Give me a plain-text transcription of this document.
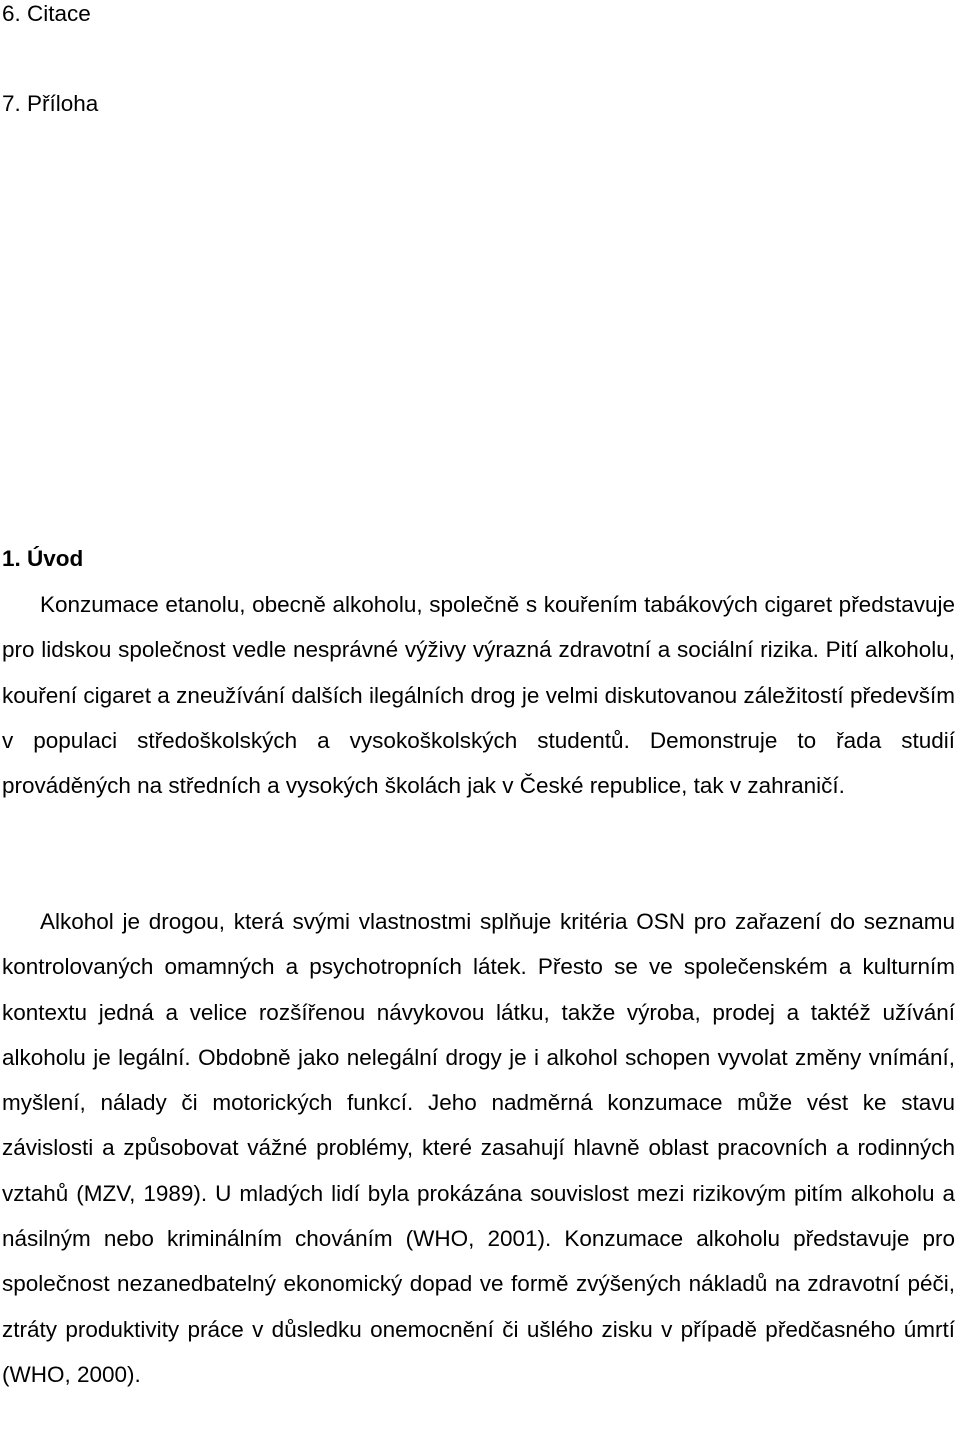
6. Citace

7. Příloha

1. Úvod

Konzumace etanolu, obecně alkoholu, společně s kouřením tabákových cigaret představuje pro lidskou společnost vedle nesprávné výživy výrazná zdravotní a sociální rizika. Pití alkoholu, kouření cigaret a zneužívání dalších ilegálních drog je velmi diskutovanou záležitostí především v populaci středoškolských a vysokoškolských studentů. Demonstruje to řada studií prováděných na středních a vysokých školách jak v České republice, tak v zahraničí.

Alkohol je drogou, která svými vlastnostmi splňuje kritéria OSN pro zařazení do seznamu kontrolovaných omamných a psychotropních látek. Přesto se ve společenském a kulturním kontextu jedná a velice rozšířenou návykovou látku, takže výroba, prodej a taktéž užívání alkoholu je legální. Obdobně jako nelegální drogy je i alkohol schopen vyvolat změny vnímání, myšlení, nálady či motorických funkcí. Jeho nadměrná konzumace může vést ke stavu závislosti a způsobovat vážné problémy, které zasahují hlavně oblast pracovních a rodinných vztahů (MZV, 1989). U mladých lidí byla prokázána souvislost mezi rizikovým pitím alkoholu a násilným nebo kriminálním chováním (WHO, 2001). Konzumace alkoholu představuje pro společnost nezanedbatelný ekonomický dopad ve formě zvýšených nákladů na zdravotní péči, ztráty produktivity práce v důsledku onemocnění či ušlého zisku v případě předčasného úmrtí (WHO, 2000).
